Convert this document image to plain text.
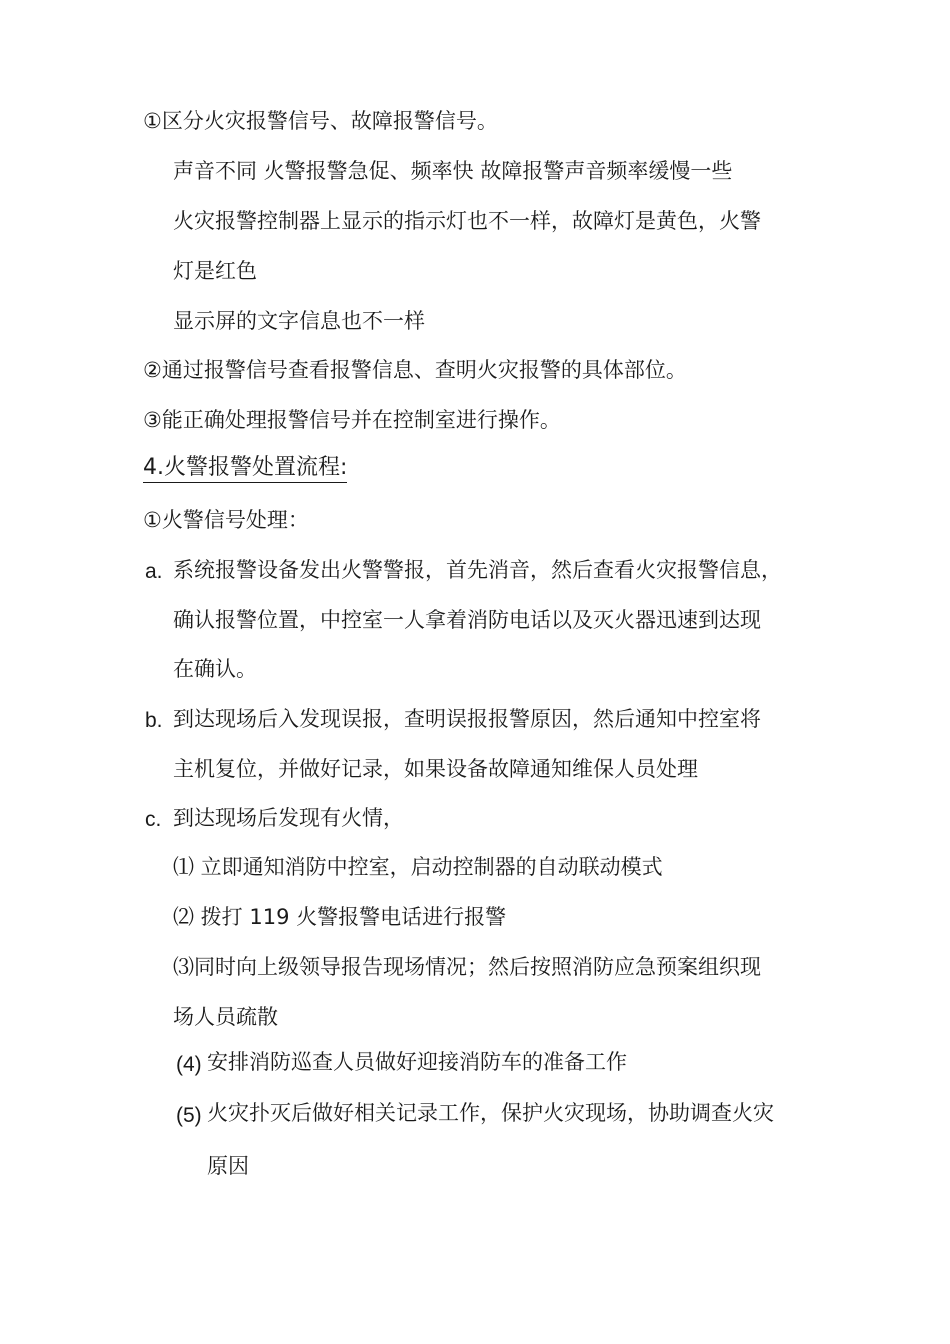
①区分火灾报警信号、故障报警信号。
声音不同 火警报警急促、频率快 故障报警声音频率缓慢一些
火灾报警控制器上显示的指示灯也不一样，故障灯是黄色，火警
灯是红色
显示屏的文字信息也不一样
②通过报警信号查看报警信息、查明火灾报警的具体部位。
③能正确处理报警信号并在控制室进行操作。
4.火警报警处置流程:
①火警信号处理：
a. 系统报警设备发出火警警报，首先消音，然后查看火灾报警信息，
确认报警位置，中控室一人拿着消防电话以及灭火器迅速到达现
在确认。
b. 到达现场后入发现误报，查明误报报警原因，然后通知中控室将
主机复位，并做好记录，如果设备故障通知维保人员处理
c. 到达现场后发现有火情，
⑴ 立即通知消防中控室，启动控制器的自动联动模式
⑵ 拨打 119 火警报警电话进行报警
⑶同时向上级领导报告现场情况；然后按照消防应急预案组织现
场人员疏散
(4) 安排消防巡查人员做好迎接消防车的准备工作
(5) 火灾扑灭后做好相关记录工作，保护火灾现场，协助调查火灾
原因
